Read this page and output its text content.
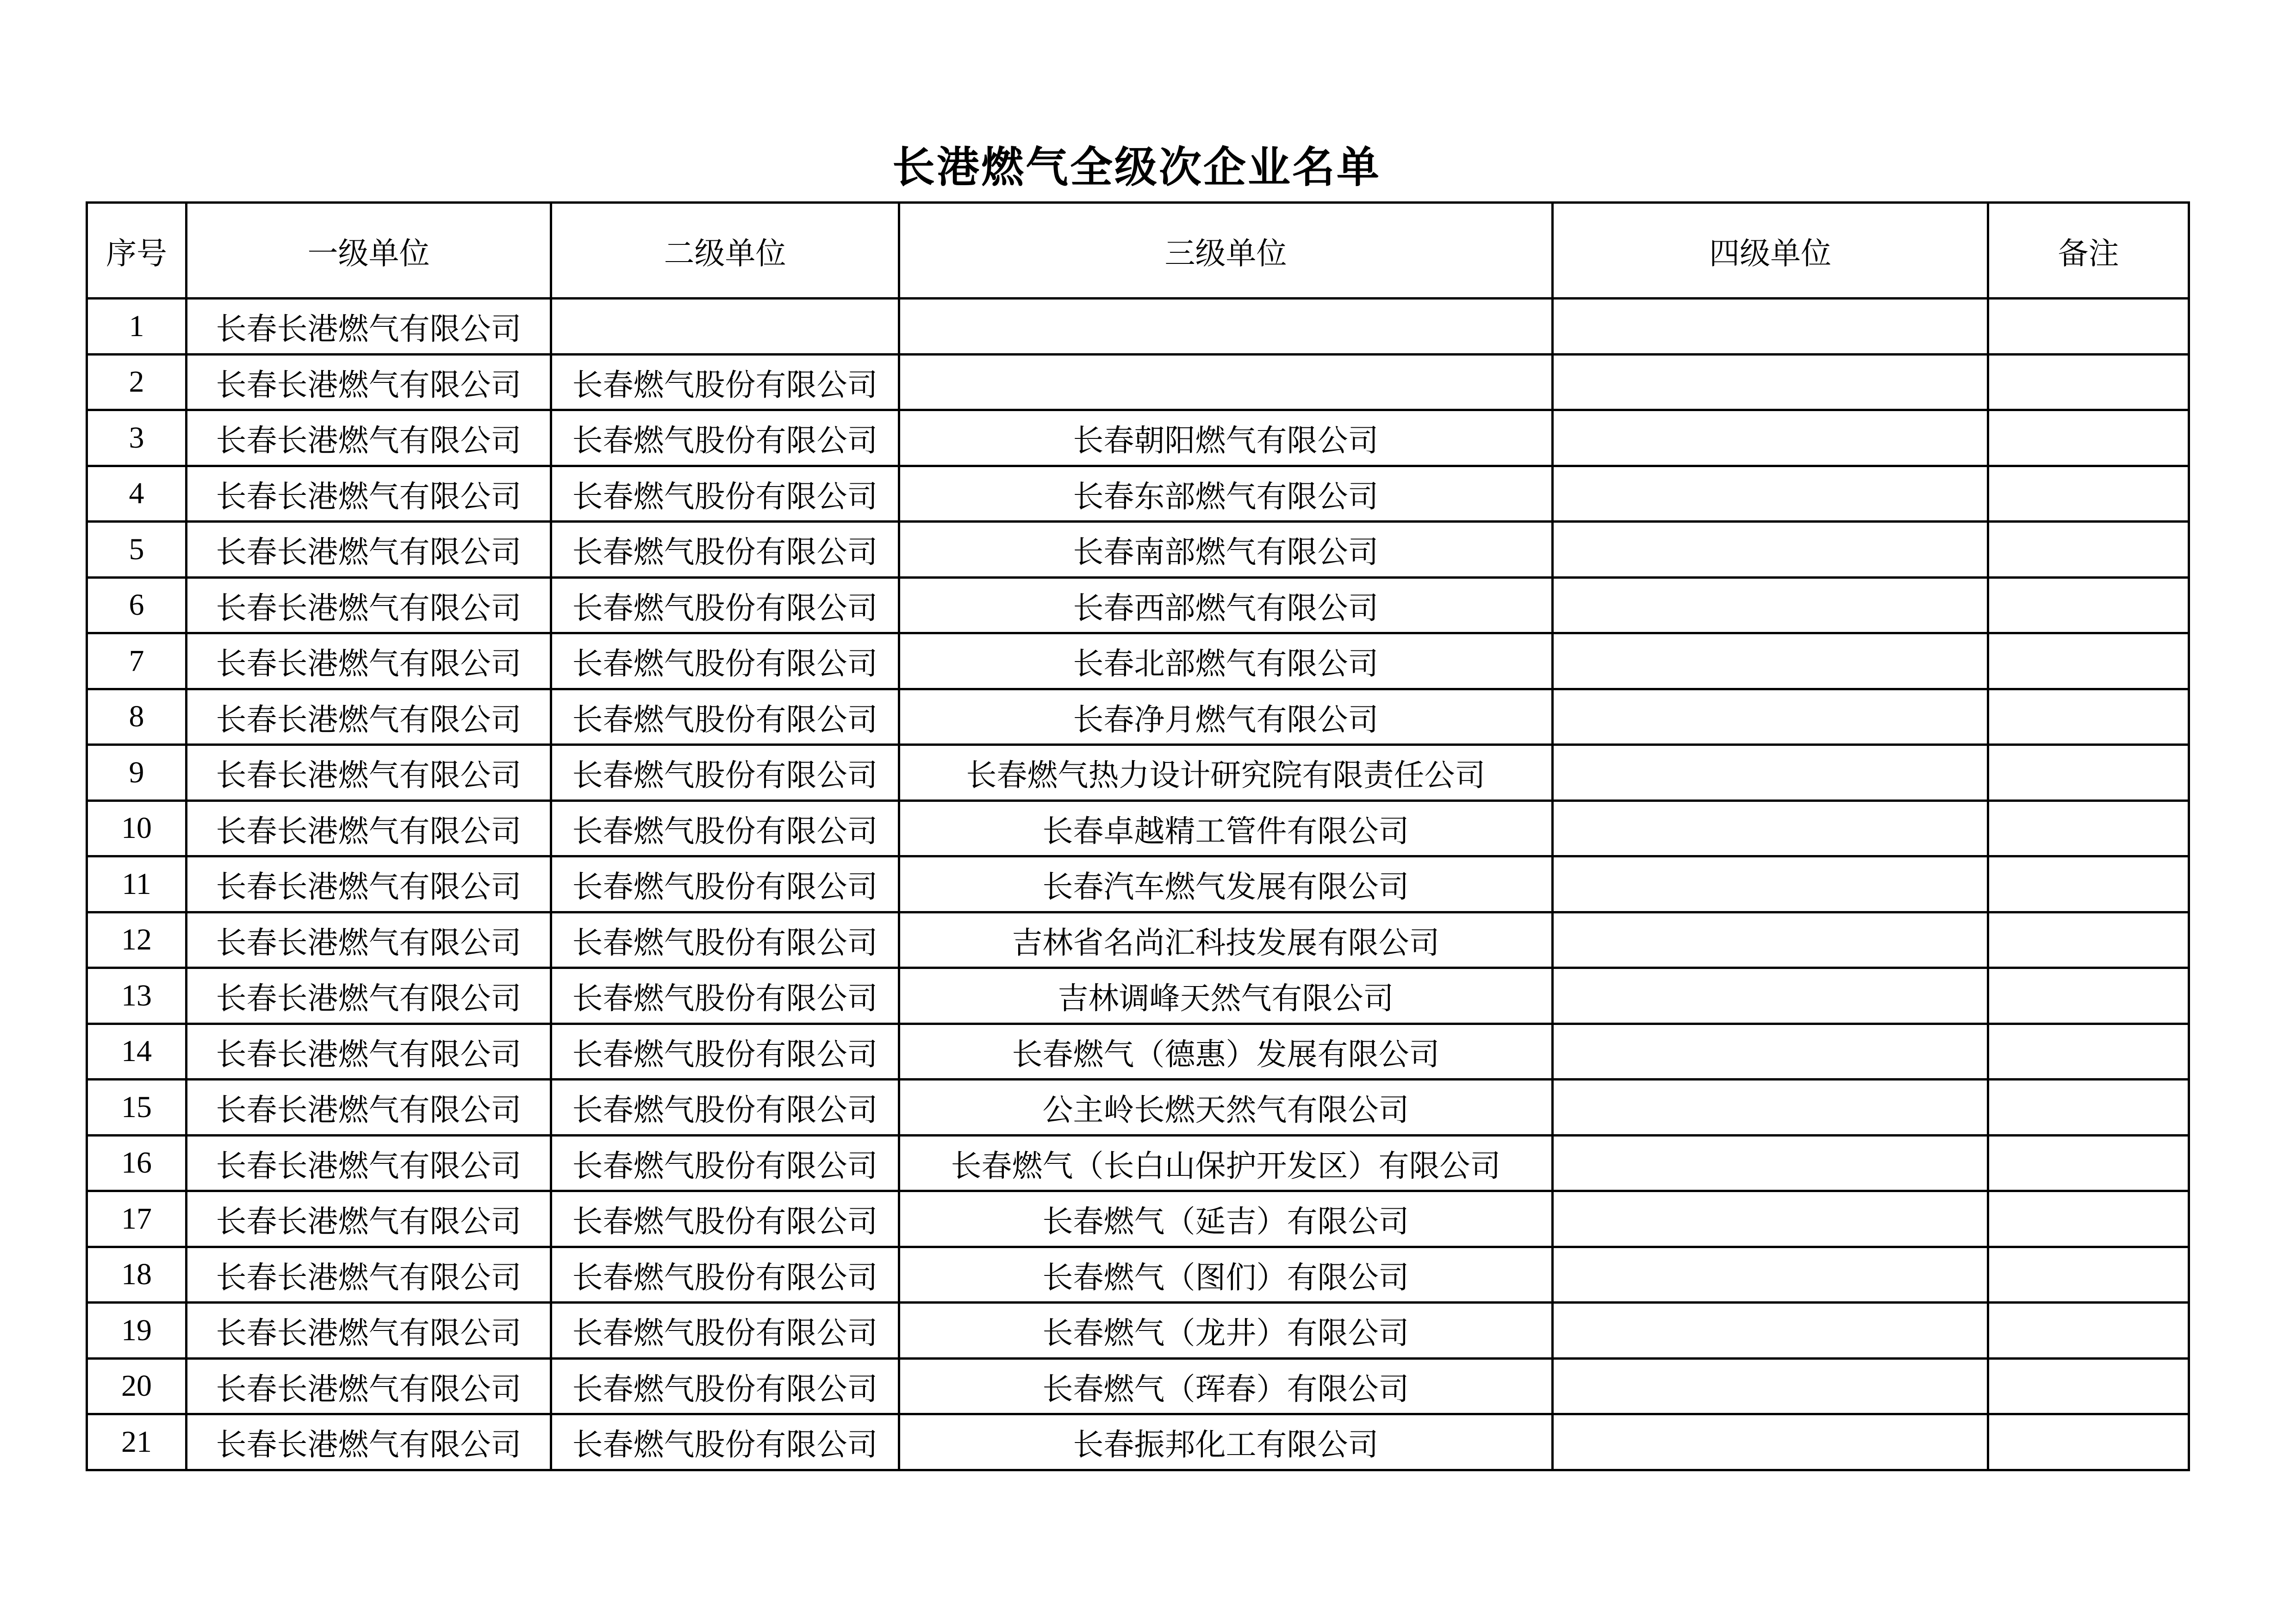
长港燃气全级次企业名单
序号	一级单位	二级单位	三级单位	四级单位	备注
1	长春长港燃气有限公司				
2	长春长港燃气有限公司	长春燃气股份有限公司			
3	长春长港燃气有限公司	长春燃气股份有限公司	长春朝阳燃气有限公司		
4	长春长港燃气有限公司	长春燃气股份有限公司	长春东部燃气有限公司		
5	长春长港燃气有限公司	长春燃气股份有限公司	长春南部燃气有限公司		
6	长春长港燃气有限公司	长春燃气股份有限公司	长春西部燃气有限公司		
7	长春长港燃气有限公司	长春燃气股份有限公司	长春北部燃气有限公司		
8	长春长港燃气有限公司	长春燃气股份有限公司	长春净月燃气有限公司		
9	长春长港燃气有限公司	长春燃气股份有限公司	长春燃气热力设计研究院有限责任公司		
10	长春长港燃气有限公司	长春燃气股份有限公司	长春卓越精工管件有限公司		
11	长春长港燃气有限公司	长春燃气股份有限公司	长春汽车燃气发展有限公司		
12	长春长港燃气有限公司	长春燃气股份有限公司	吉林省名尚汇科技发展有限公司		
13	长春长港燃气有限公司	长春燃气股份有限公司	吉林调峰天然气有限公司		
14	长春长港燃气有限公司	长春燃气股份有限公司	长春燃气（德惠）发展有限公司		
15	长春长港燃气有限公司	长春燃气股份有限公司	公主岭长燃天然气有限公司		
16	长春长港燃气有限公司	长春燃气股份有限公司	长春燃气（长白山保护开发区）有限公司		
17	长春长港燃气有限公司	长春燃气股份有限公司	长春燃气（延吉）有限公司		
18	长春长港燃气有限公司	长春燃气股份有限公司	长春燃气（图们）有限公司		
19	长春长港燃气有限公司	长春燃气股份有限公司	长春燃气（龙井）有限公司		
20	长春长港燃气有限公司	长春燃气股份有限公司	长春燃气（珲春）有限公司		
21	长春长港燃气有限公司	长春燃气股份有限公司	长春振邦化工有限公司		
